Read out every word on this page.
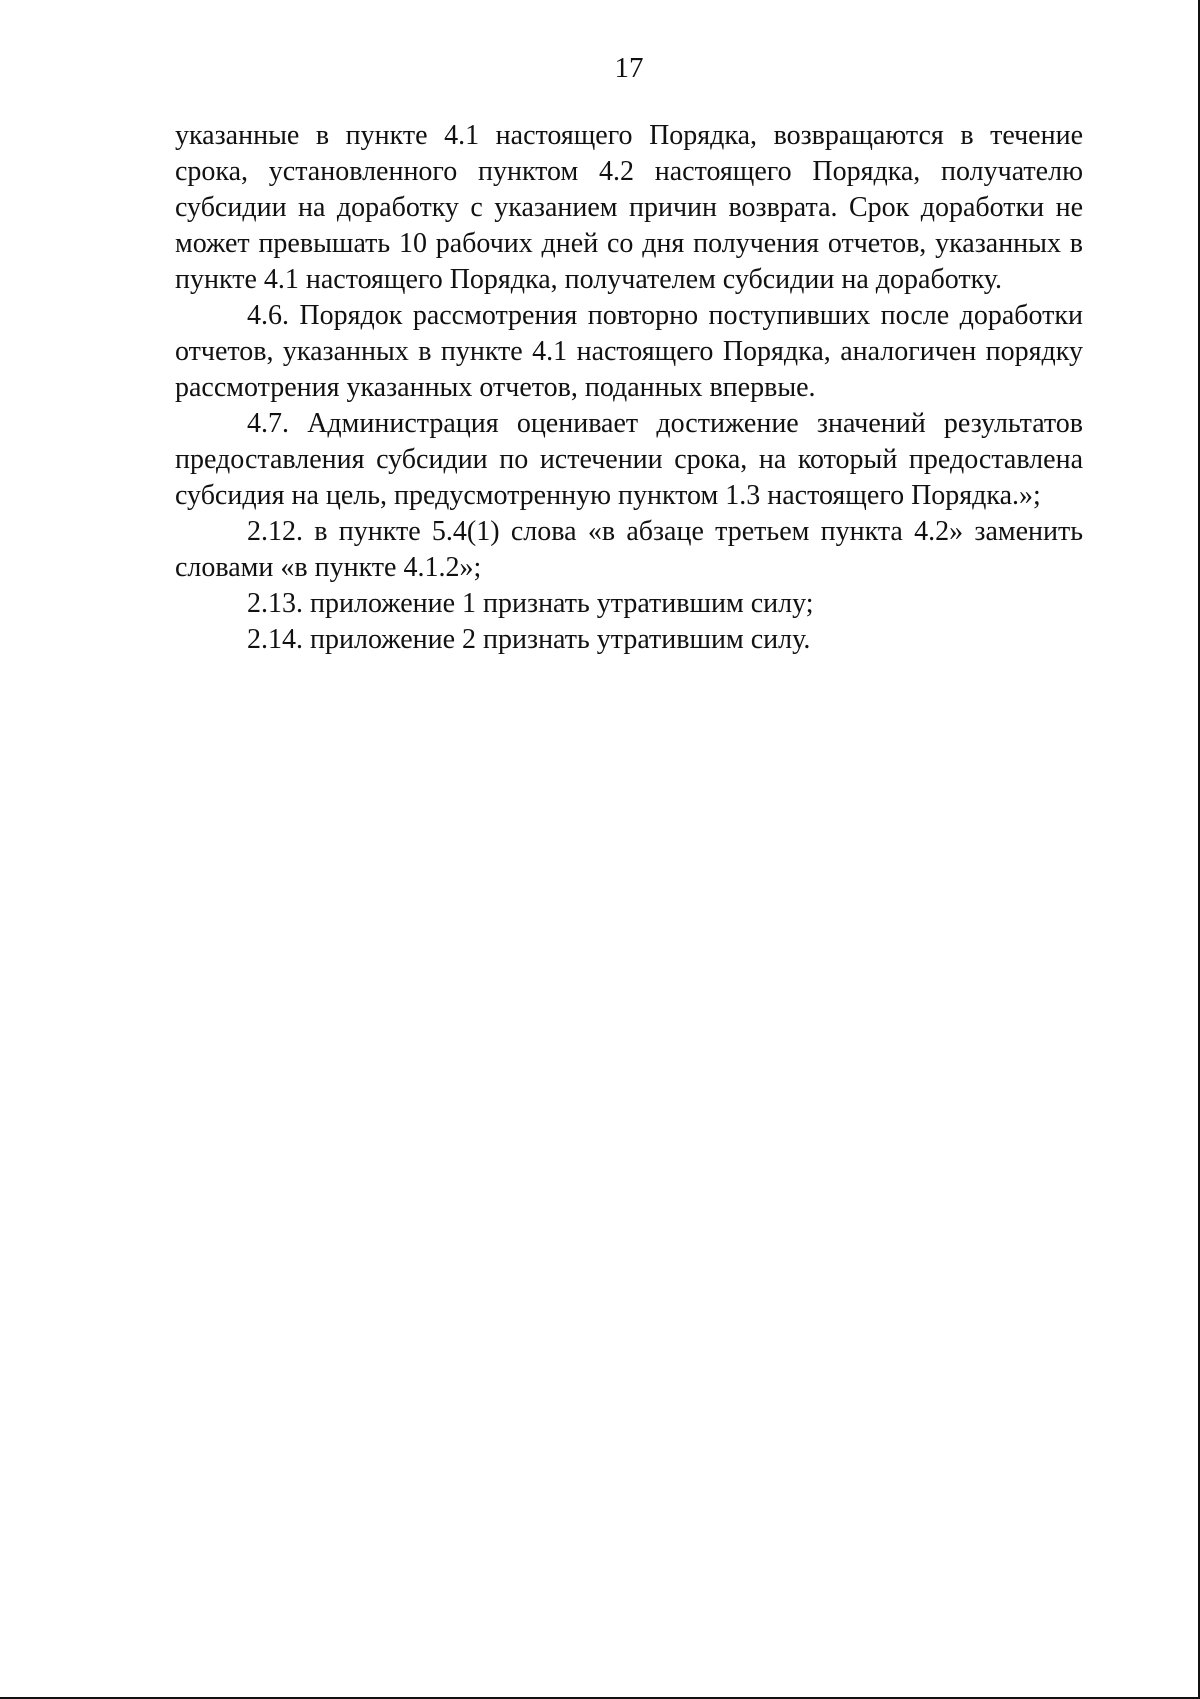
17

указанные в пункте 4.1 настоящего Порядка, возвращаются в течение срока, установленного пунктом 4.2 настоящего Порядка, получателю субсидии на доработку с указанием причин возврата. Срок доработки не может превышать 10 рабочих дней со дня получения отчетов, указанных в пункте 4.1 настоящего Порядка, получателем субсидии на доработку.

4.6. Порядок рассмотрения повторно поступивших после доработки отчетов, указанных в пункте 4.1 настоящего Порядка, аналогичен порядку рассмотрения указанных отчетов, поданных впервые.

4.7. Администрация оценивает достижение значений результатов предоставления субсидии по истечении срока, на который предоставлена субсидия на цель, предусмотренную пунктом 1.3 настоящего Порядка.»;

2.12. в пункте 5.4(1) слова «в абзаце третьем пункта 4.2» заменить словами «в пункте 4.1.2»;

2.13. приложение 1 признать утратившим силу;

2.14. приложение 2 признать утратившим силу.
